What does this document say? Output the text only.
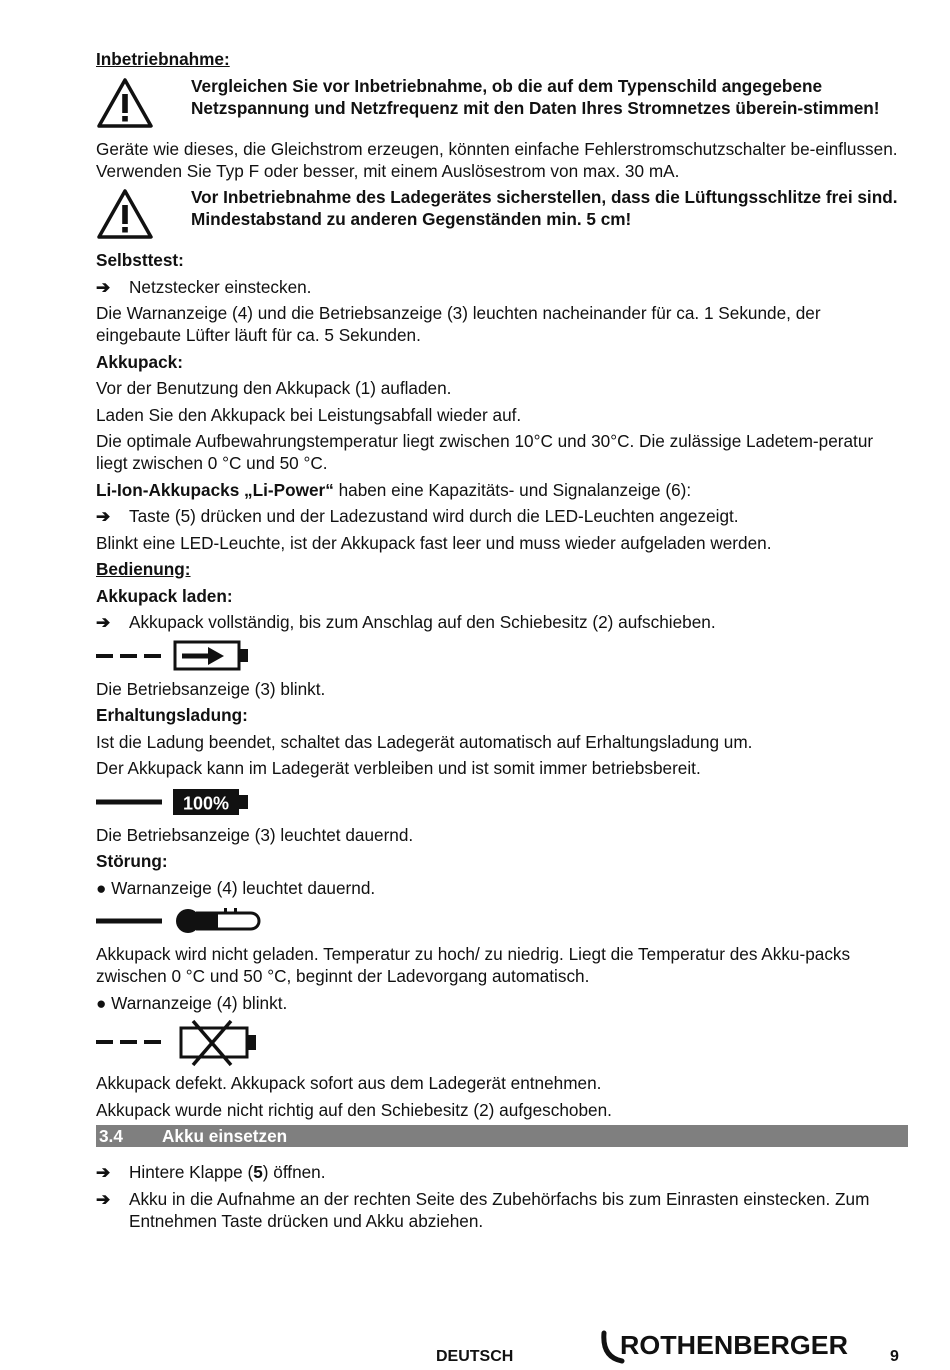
Inbetriebnahme:
Vergleichen Sie vor Inbetriebnahme, ob die auf dem Typenschild angegebene Netzspannung und Netzfrequenz mit den Daten Ihres Stromnetzes überein-stimmen!
Geräte wie dieses, die Gleichstrom erzeugen, könnten einfache Fehlerstromschutzschalter be-einflussen. Verwenden Sie Typ F oder besser, mit einem Auslösestrom von max. 30 mA.
Vor Inbetriebnahme des Ladegerätes sicherstellen, dass die Lüftungsschlitze frei sind. Mindestabstand zu anderen Gegenständen min. 5 cm!
Selbsttest:
➔	Netzstecker einstecken.
Die Warnanzeige (4) und die Betriebsanzeige (3) leuchten nacheinander für ca. 1 Sekunde, der eingebaute Lüfter läuft für ca. 5 Sekunden.
Akkupack:
Vor der Benutzung den Akkupack (1) aufladen.
Laden Sie den Akkupack bei Leistungsabfall wieder auf.
Die optimale Aufbewahrungstemperatur liegt zwischen 10°C und 30°C. Die zulässige Ladetem-peratur liegt zwischen 0 °C und 50 °C.
Li-Ion-Akkupacks „Li-Power“ haben eine Kapazitäts- und Signalanzeige (6):
➔	Taste (5) drücken und der Ladezustand wird durch die LED-Leuchten angezeigt.
Blinkt eine LED-Leuchte, ist der Akkupack fast leer und muss wieder aufgeladen werden.
Bedienung:
Akkupack laden:
➔	Akkupack vollständig, bis zum Anschlag auf den Schiebesitz (2) aufschieben.
Die Betriebsanzeige (3) blinkt.
Erhaltungsladung:
Ist die Ladung beendet, schaltet das Ladegerät automatisch auf Erhaltungsladung um.
Der Akkupack kann im Ladegerät verbleiben und ist somit immer betriebsbereit.
100%
Die Betriebsanzeige (3) leuchtet dauernd.
Störung:
● Warnanzeige (4) leuchtet dauernd.
Akkupack wird nicht geladen. Temperatur zu hoch/ zu niedrig. Liegt die Temperatur des Akku-packs zwischen 0 °C und 50 °C, beginnt der Ladevorgang automatisch.
● Warnanzeige (4) blinkt.
Akkupack defekt. Akkupack sofort aus dem Ladegerät entnehmen.
Akkupack wurde nicht richtig auf den Schiebesitz (2) aufgeschoben.
3.4	Akku einsetzen
➔	Hintere Klappe (5) öffnen.
➔	Akku in die Aufnahme an der rechten Seite des Zubehörfachs bis zum Einrasten einstecken. Zum Entnehmen Taste drücken und Akku abziehen.
DEUTSCH	ROTHENBERGER	9
